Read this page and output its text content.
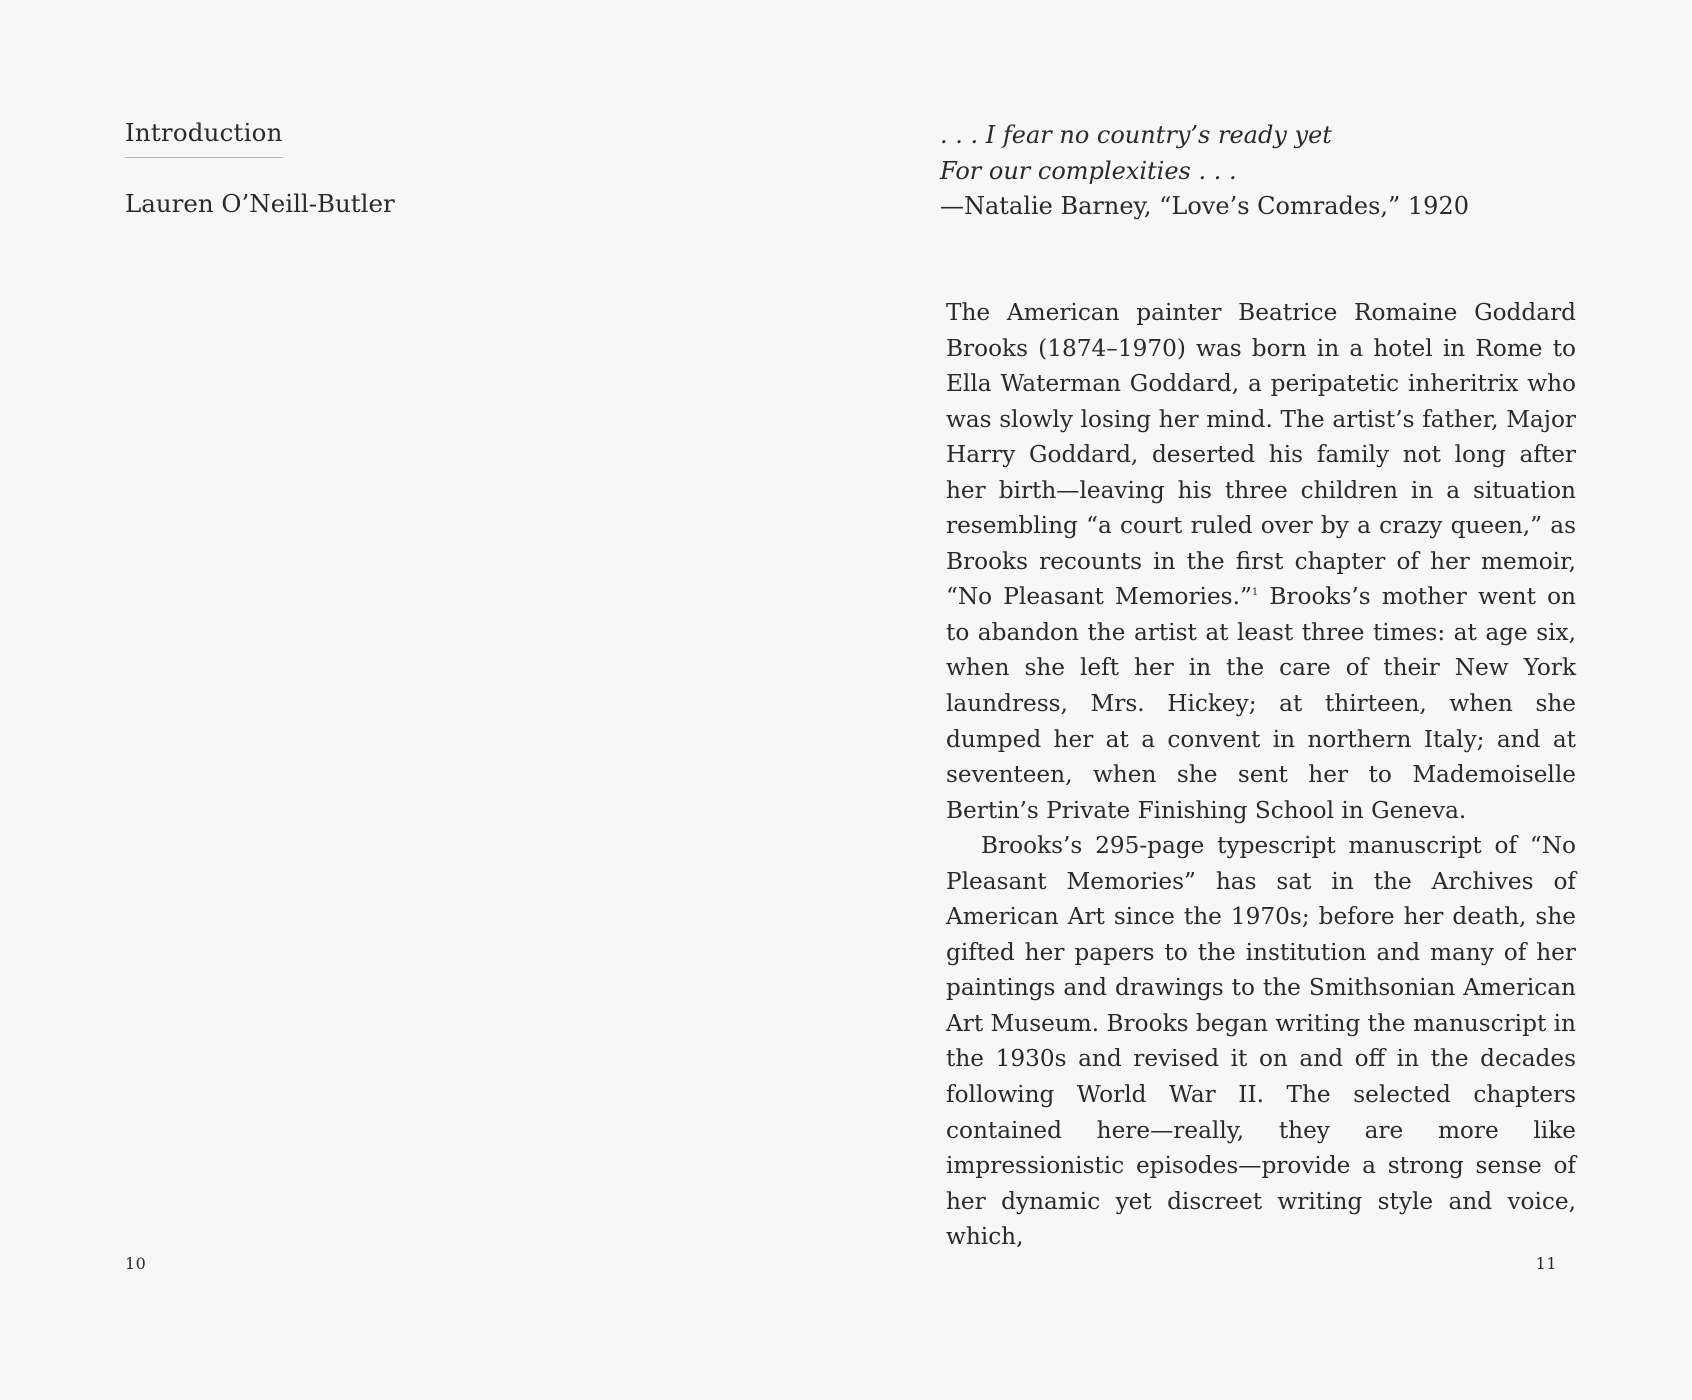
Introduction
Lauren O’Neill-Butler
10
. . . I fear no country’s ready yet
For our complexities . . .
—Natalie Barney, “Love’s Comrades,” 1920

The American painter Beatrice Romaine Goddard Brooks (1874–1970) was born in a hotel in Rome to Ella Waterman Goddard, a peripatetic inheritrix who was slowly losing her mind. The artist’s father, Major Harry Goddard, deserted his family not long after her birth—leaving his three children in a situation resembling “a court ruled over by a crazy queen,” as Brooks recounts in the first chapter of her memoir, “No Pleasant Memories.”$^1$ Brooks’s mother went on to abandon the artist at least three times: at age six, when she left her in the care of their New York laundress, Mrs. Hickey; at thirteen, when she dumped her at a convent in northern Italy; and at seventeen, when she sent her to Mademoiselle Bertin’s Private Finishing School in Geneva.

Brooks’s 295-page typescript manuscript of “No Pleasant Memories” has sat in the Archives of American Art since the 1970s; before her death, she gifted her papers to the institution and many of her paintings and drawings to the Smithsonian American Art Museum. Brooks began writing the manuscript in the 1930s and revised it on and off in the decades following World War II. The selected chapters contained here—really, they are more like impressionistic episodes—provide a strong sense of her dynamic yet discreet writing style and voice, which,

11
